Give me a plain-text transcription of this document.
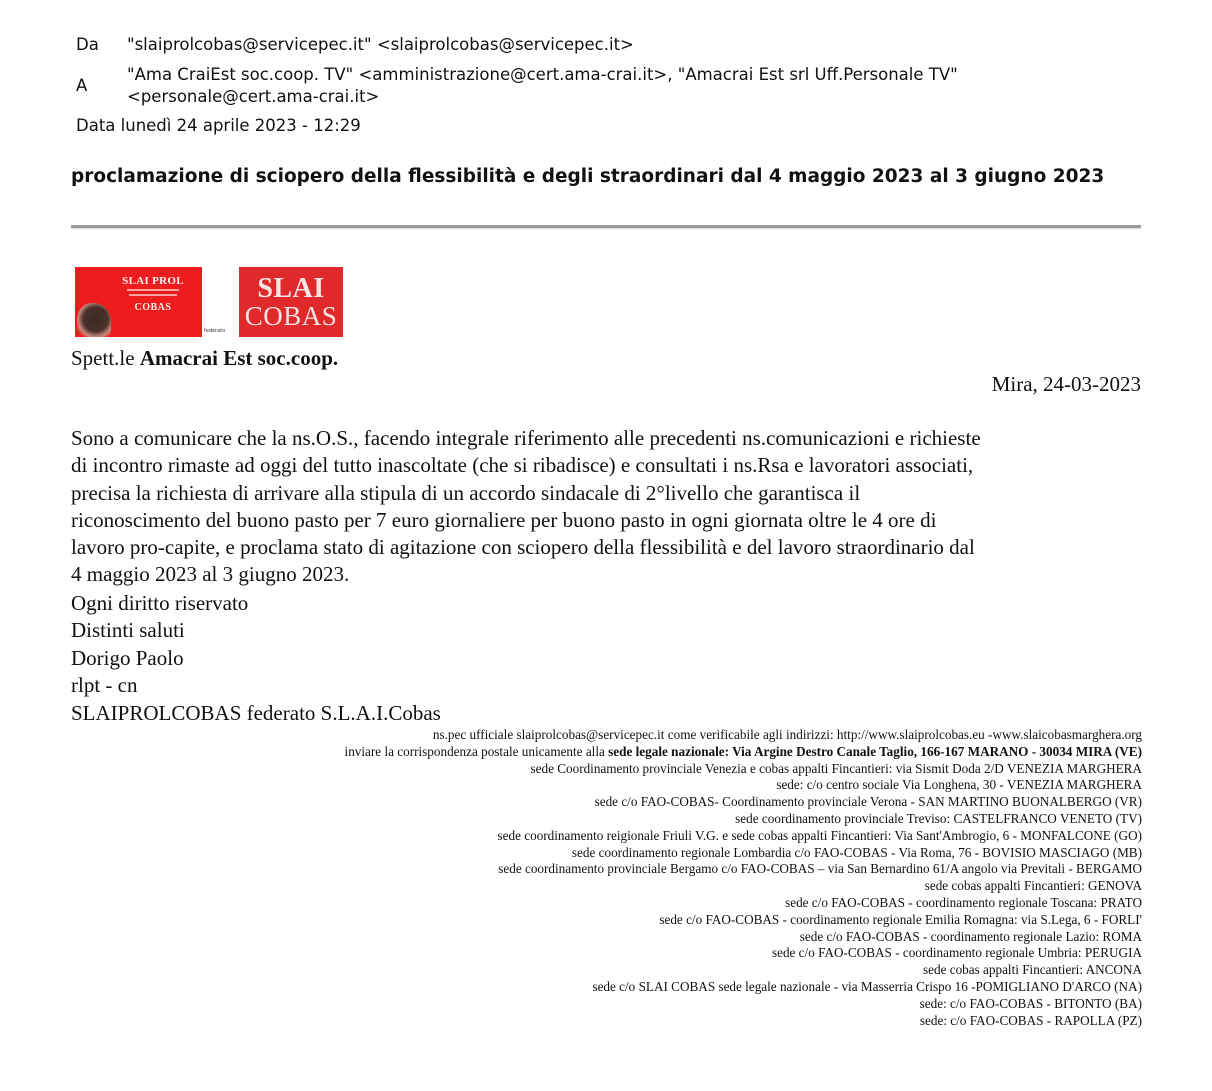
Da "slaiprolcobas@servicepec.it" <slaiprolcobas@servicepec.it>
A
"Ama CraiEst soc.coop. TV" <amministrazione@cert.ama-crai.it>, "Amacrai Est srl Uff.Personale TV"
<personale@cert.ama-crai.it>
Data lunedì 24 aprile 2023 - 12:29
proclamazione di sciopero della flessibilità e degli straordinari dal 4 maggio 2023 al 3 giugno 2023
SLAI PROL
COBAS
federato
SLAI
COBAS
Spett.le Amacrai Est soc.coop.
Mira, 24-03-2023
Sono a comunicare che la ns.O.S., facendo integrale riferimento alle precedenti ns.comunicazioni e richieste
di incontro rimaste ad oggi del tutto inascoltate (che si ribadisce) e consultati i ns.Rsa e lavoratori associati,
precisa la richiesta di arrivare alla stipula di un accordo sindacale di 2°livello che garantisca il
riconoscimento del buono pasto per 7 euro giornaliere per buono pasto in ogni giornata oltre le 4 ore di
lavoro pro-capite, e proclama stato di agitazione con sciopero della flessibilità e del lavoro straordinario dal
4 maggio 2023 al 3 giugno 2023.
Ogni diritto riservato
Distinti saluti
Dorigo Paolo
rlpt - cn
SLAIPROLCOBAS federato S.L.A.I.Cobas
ns.pec ufficiale slaiprolcobas@servicepec.it come verificabile agli indirizzi: http://www.slaiprolcobas.eu -www.slaicobasmarghera.org
inviare la corrispondenza postale unicamente alla sede legale nazionale: Via Argine Destro Canale Taglio, 166-167 MARANO - 30034 MIRA (VE)
sede Coordinamento provinciale Venezia e cobas appalti Fincantieri: via Sismit Doda 2/D VENEZIA MARGHERA
sede: c/o centro sociale Via Longhena, 30 - VENEZIA MARGHERA
sede c/o FAO-COBAS- Coordinamento provinciale Verona - SAN MARTINO BUONALBERGO (VR)
sede coordinamento provinciale Treviso: CASTELFRANCO VENETO (TV)
sede coordinamento reigionale Friuli V.G. e sede cobas appalti Fincantieri: Via Sant'Ambrogio, 6 - MONFALCONE (GO)
sede coordinamento regionale Lombardia c/o FAO-COBAS - Via Roma, 76 - BOVISIO MASCIAGO (MB)
sede coordinamento provinciale Bergamo c/o FAO-COBAS – via San Bernardino 61/A angolo via Previtali - BERGAMO
sede cobas appalti Fincantieri: GENOVA
sede c/o FAO-COBAS - coordinamento regionale Toscana: PRATO
sede c/o FAO-COBAS - coordinamento regionale Emilia Romagna: via S.Lega, 6 - FORLI'
sede c/o FAO-COBAS - coordinamento regionale Lazio: ROMA
sede c/o FAO-COBAS - coordinamento regionale Umbria: PERUGIA
sede cobas appalti Fincantieri: ANCONA
sede c/o SLAI COBAS sede legale nazionale - via Masserria Crispo 16 -POMIGLIANO D'ARCO (NA)
sede: c/o FAO-COBAS - BITONTO (BA)
sede: c/o FAO-COBAS - RAPOLLA (PZ)
